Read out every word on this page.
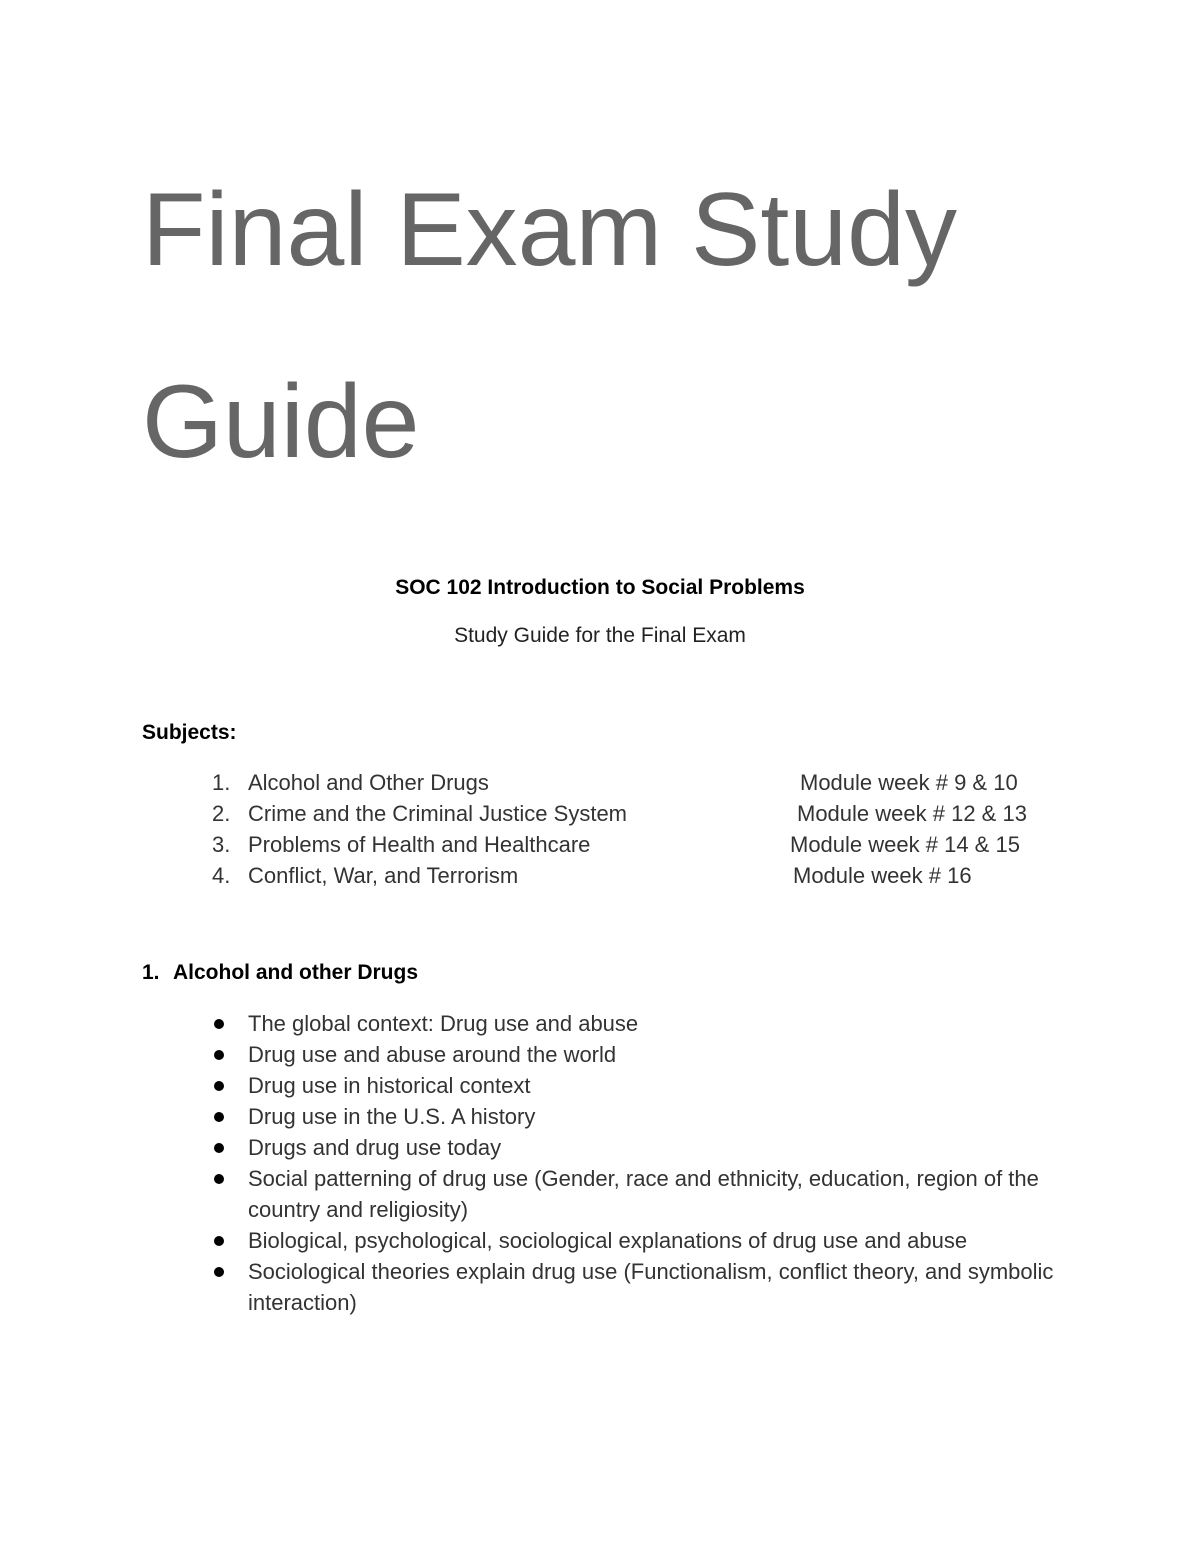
Final Exam Study
Guide
SOC 102 Introduction to Social Problems
Study Guide for the Final Exam
Subjects:
1. Alcohol and Other Drugs	Module week # 9 & 10
2. Crime and the Criminal Justice System	Module week # 12 & 13
3. Problems of Health and Healthcare	Module week # 14 & 15
4. Conflict, War, and Terrorism	Module week # 16
1. Alcohol and other Drugs
The global context: Drug use and abuse
Drug use and abuse around the world
Drug use in historical context
Drug use in the U.S. A history
Drugs and drug use today
Social patterning of drug use (Gender, race and ethnicity, education, region of the country and religiosity)
Biological, psychological, sociological explanations of drug use and abuse
Sociological theories explain drug use (Functionalism, conflict theory, and symbolic interaction)
